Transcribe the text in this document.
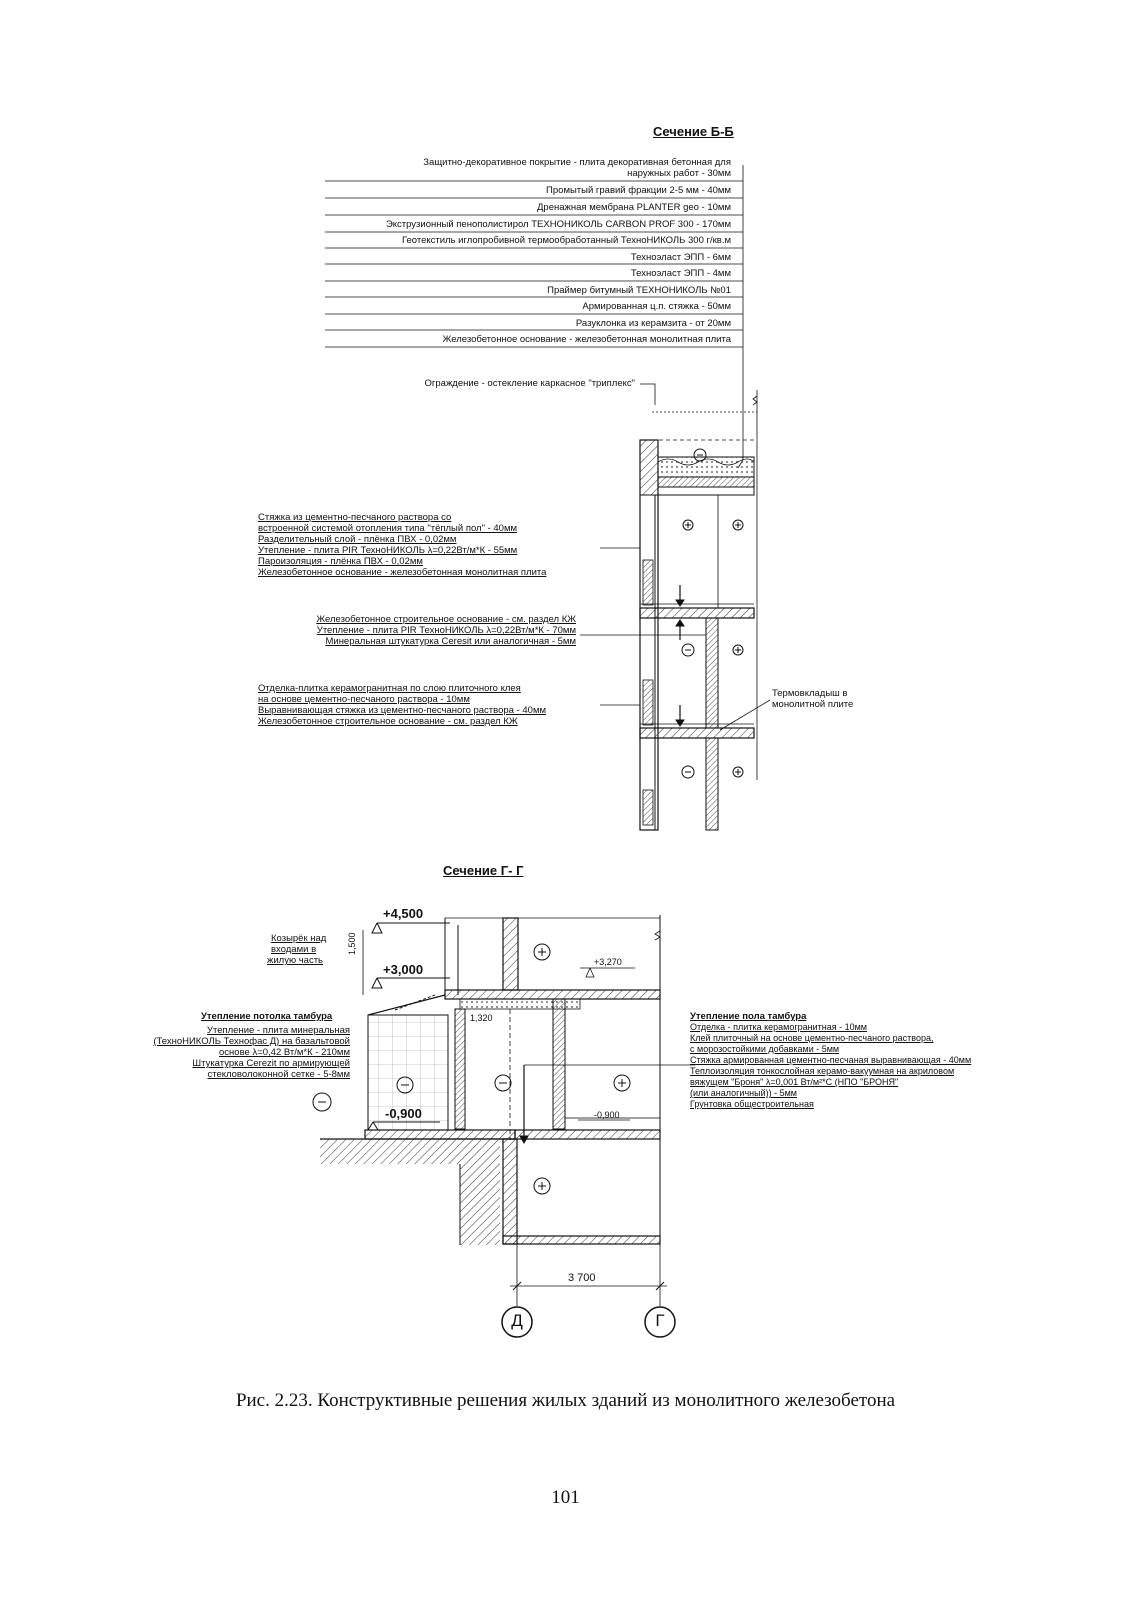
Сечение Б-Б
Защитно-декоративное покрытие - плита декоративная бетонная для
наружных работ - 30мм
Промытый гравий фракции 2-5 мм - 40мм
Дренажная мембрана PLANTER geo - 10мм
Экструзионный пенополистирол ТЕХНОНИКОЛЬ CARBON PROF 300 - 170мм
Геотекстиль иглопробивной термообработанный ТехноНИКОЛЬ 300 г/кв.м
Техноэласт ЭПП - 6мм
Техноэласт ЭПП - 4мм
Праймер битумный ТЕХНОНИКОЛЬ №01
Армированная ц.п. стяжка - 50мм
Разуклонка из керамзита - от 20мм
Железобетонное основание - железобетонная монолитная плита
Ограждение - остекление каркасное "триплекс"
Стяжка из цементно-песчаного раствора со
встроенной системой отопления типа "тёплый пол" - 40мм
Разделительный слой - плёнка ПВХ - 0,02мм
Утепление - плита PIR ТехноНИКОЛЬ λ=0,22Вт/м*К - 55мм
Пароизоляция - плёнка ПВХ - 0,02мм
Железобетонное основание - железобетонная монолитная плита
Железобетонное строительное основание - см. раздел КЖ
Утепление - плита PIR ТехноНИКОЛЬ λ=0,22Вт/м*К - 70мм
Минеральная штукатурка Ceresit или аналогичная - 5мм
Отделка-плитка керамогранитная по слою плиточного клея
на основе цементно-песчаного раствора - 10мм
Выравнивающая стяжка из цементно-песчаного раствора - 40мм
Железобетонное строительное основание - см. раздел КЖ
Термовкладыш в
монолитной плите
Сечение Г- Г
+4,500
+3,000	+3,270
-0,900	-0,900
1,500
1,320
3 700
Козырёк над
входами в
жилую часть
Утепление потолка тамбура
Утепление - плита минеральная
(ТехноНИКОЛЬ Технофас Д) на базальтовой
основе λ=0,42 Вт/м*К - 210мм
Штукатурка Cerezit по армирующей
стекловолоконной сетке - 5-8мм
Утепление пола тамбура
Отделка - плитка керамогранитная - 10мм
Клей плиточный на основе цементно-песчаного раствора,
с морозостойкими добавками - 5мм
Стяжка армированная цементно-песчаная выравнивающая - 40мм
Теплоизоляция тонкослойная керамо-вакуумная на акриловом
вяжущем "Броня" λ=0,001 Вт/м²*С (НПО "БРОНЯ"
(или аналогичный)) - 5мм
Грунтовка общестроительная
Д	Г
Рис. 2.23. Конструктивные решения жилых зданий из монолитного железобетона
101
